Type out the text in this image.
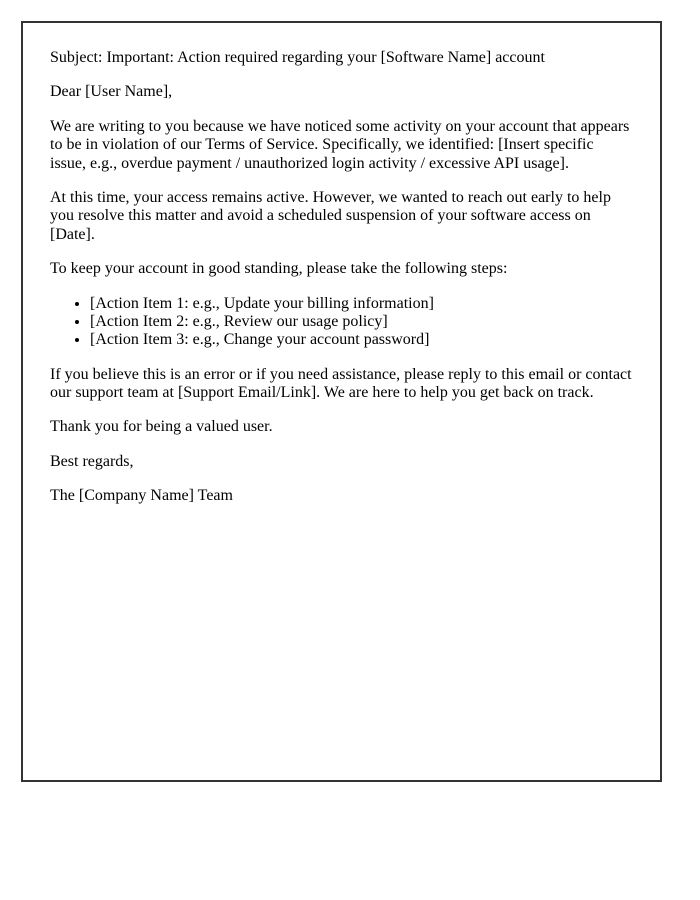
Subject: Important: Action required regarding your [Software Name] account

Dear [User Name],

We are writing to you because we have noticed some activity on your account that appears to be in violation of our Terms of Service. Specifically, we identified: [Insert specific issue, e.g., overdue payment / unauthorized login activity / excessive API usage].

At this time, your access remains active. However, we wanted to reach out early to help you resolve this matter and avoid a scheduled suspension of your software access on [Date].

To keep your account in good standing, please take the following steps:

• [Action Item 1: e.g., Update your billing information]
• [Action Item 2: e.g., Review our usage policy]
• [Action Item 3: e.g., Change your account password]

If you believe this is an error or if you need assistance, please reply to this email or contact our support team at [Support Email/Link]. We are here to help you get back on track.

Thank you for being a valued user.

Best regards,

The [Company Name] Team
